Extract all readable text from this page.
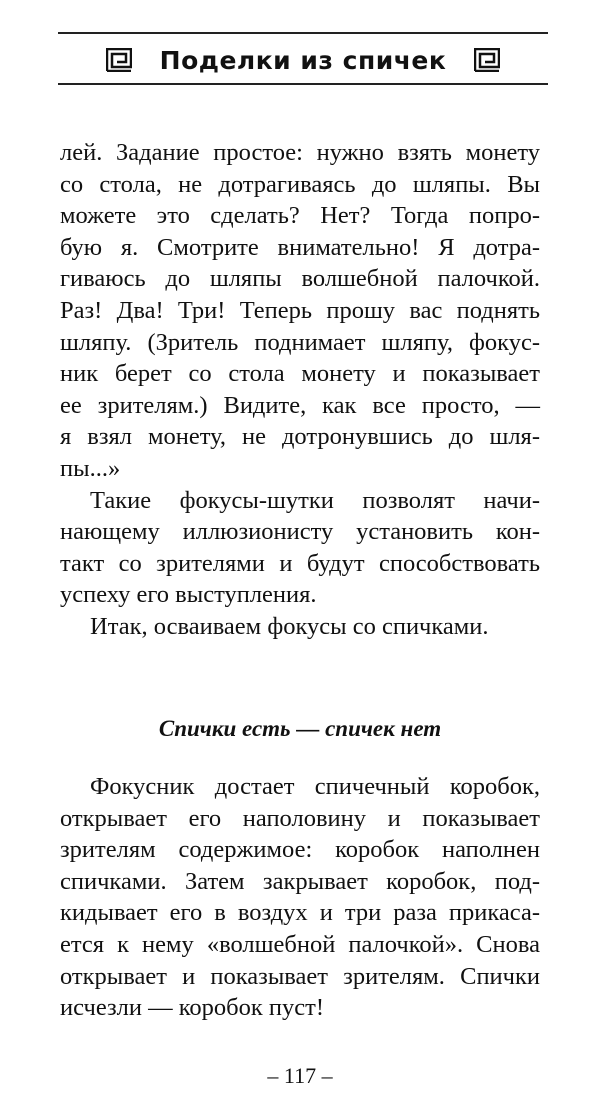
Поделки из спичек
лей. Задание простое: нужно взять монету
со стола, не дотрагиваясь до шляпы. Вы
можете это сделать? Нет? Тогда попро-
бую я. Смотрите внимательно! Я дотра-
гиваюсь до шляпы волшебной палочкой.
Раз! Два! Три! Теперь прошу вас поднять
шляпу. (Зритель поднимает шляпу, фокус-
ник берет со стола монету и показывает
ее зрителям.) Видите, как все просто, —
я взял монету, не дотронувшись до шля-
пы...»
Такие фокусы-шутки позволят начи-
нающему иллюзионисту установить кон-
такт со зрителями и будут способствовать
успеху его выступления.
Итак, осваиваем фокусы со спичками.
Спички есть — спичек нет
Фокусник достает спичечный коробок,
открывает его наполовину и показывает
зрителям содержимое: коробок наполнен
спичками. Затем закрывает коробок, под-
кидывает его в воздух и три раза прикаса-
ется к нему «волшебной палочкой». Снова
открывает и показывает зрителям. Спички
исчезли — коробок пуст!
– 117 –
